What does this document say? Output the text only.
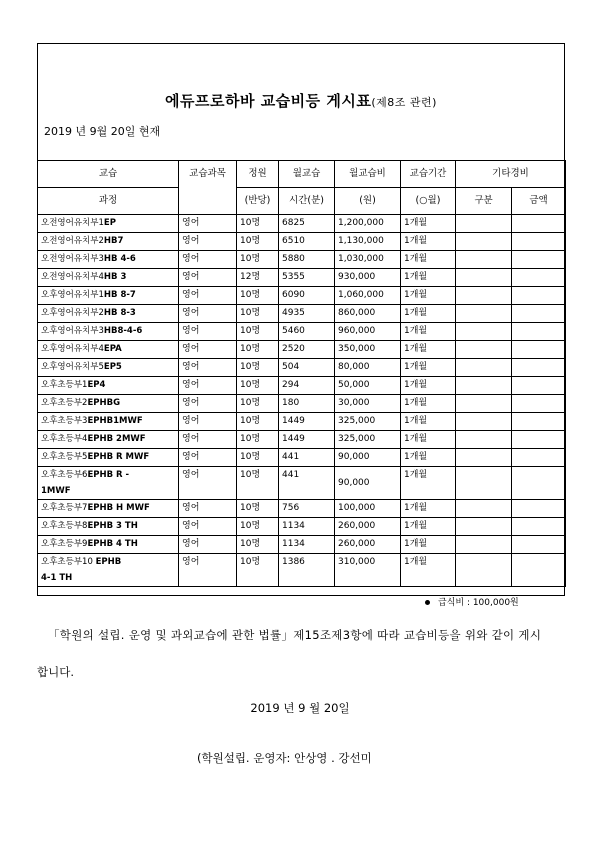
에듀프로하바 교습비등 게시표(제8조 관련)
2019 년 9월 20일 현재
교습	교습과목	정원	월교습	월교습비	교습기간	기타경비	
과정		(반당)	시간(분)	(원)	(○월)	구분	금액
오전영어유치부1EP	영어	10명	6825	1,200,000	1개월		
오전영어유치부2HB7	영어	10명	6510	1,130,000	1개월		
오전영어유치부3HB 4-6	영어	10명	5880	1,030,000	1개월		
오전영어유치부4HB 3	영어	12명	5355	930,000	1개월		
오후영어유치부1HB 8-7	영어	10명	6090	1,060,000	1개월		
오후영어유치부2HB 8-3	영어	10명	4935	860,000	1개월		
오후영어유치부3HB8-4-6	영어	10명	5460	960,000	1개월		
오후영어유치부4EPA	영어	10명	2520	350,000	1개월		
오후영어유치부5EP5	영어	10명	504	80,000	1개월		
오후초등부1EP4	영어	10명	294	50,000	1개월		
오후초등부2EPHBG	영어	10명	180	30,000	1개월		
오후초등부3EPHB1MWF	영어	10명	1449	325,000	1개월		
오후초등부4EPHB 2MWF	영어	10명	1449	325,000	1개월		
오후초등부5EPHB R MWF	영어	10명	441	90,000	1개월		
오후초등부6EPHB R -
1MWF	영어	10명	441	90,000	1개월		
오후초등부7EPHB H MWF	영어	10명	756	100,000	1개월		
오후초등부8EPHB 3 TH	영어	10명	1134	260,000	1개월		
오후초등부9EPHB 4 TH	영어	10명	1134	260,000	1개월		
오후초등부10 EPHB
4-1 TH	영어	10명	1386	310,000	1개월		
급식비 : 100,000원
「학원의 설립. 운영 및 과외교습에 관한 법률」제15조제3항에 따라 교습비등을 위와 같이 게시
합니다.
2019 년 9 월 20일
(학원설립. 운영자: 안상영 . 강선미
